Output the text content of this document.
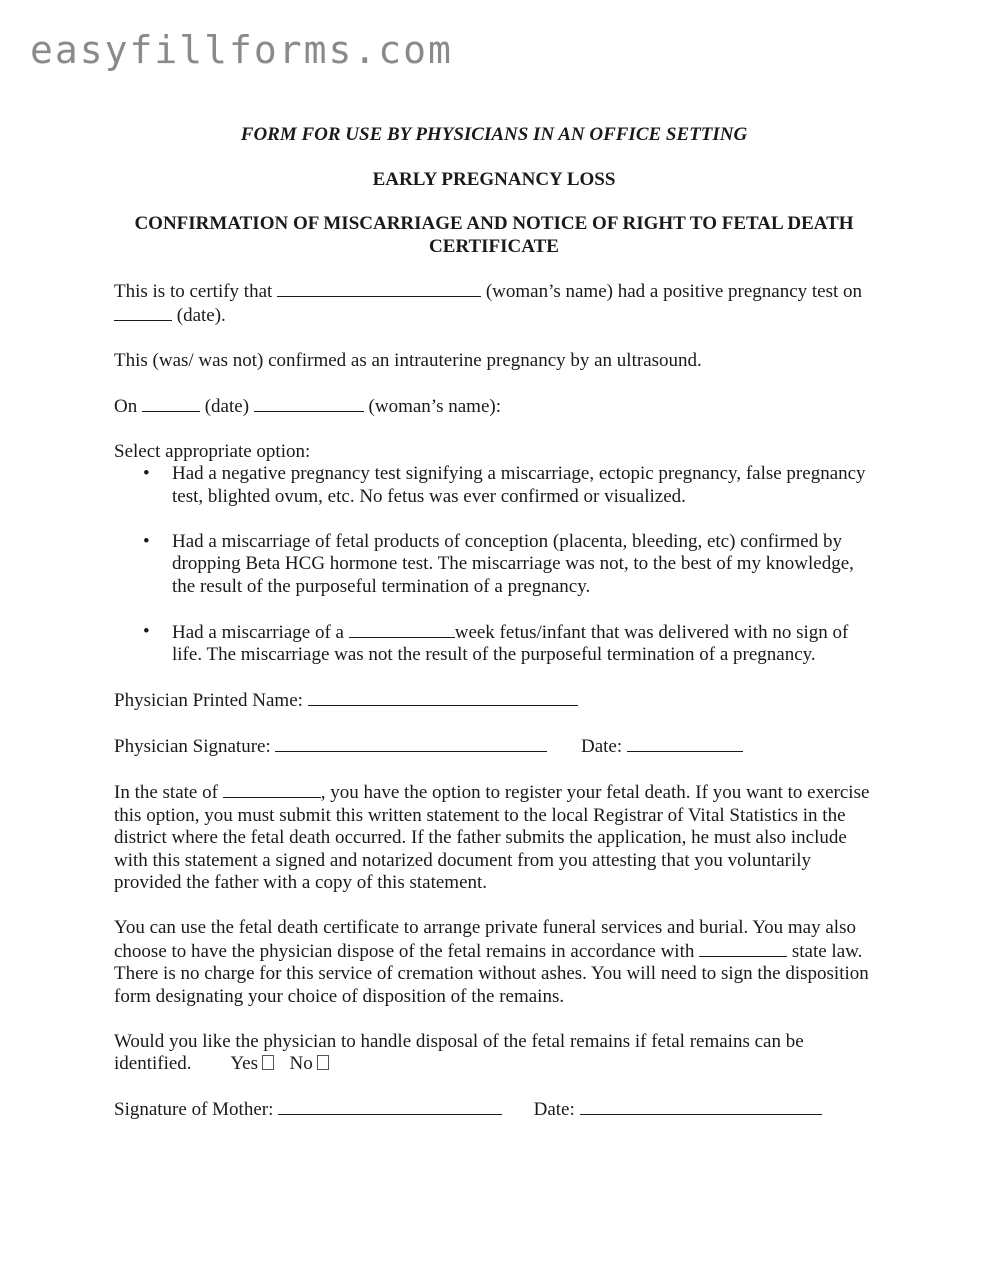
easyfillforms.com
FORM FOR USE BY PHYSICIANS IN AN OFFICE SETTING
EARLY PREGNANCY LOSS
CONFIRMATION OF MISCARRIAGE AND NOTICE OF RIGHT TO FETAL DEATH CERTIFICATE

This is to certify that	(woman’s name) had a positive pregnancy test on  (date).

This (was/ was not) confirmed as an intrauterine pregnancy by an ultrasound.

On	(date)	(woman’s name):

Select appropriate option:
• Had a negative pregnancy test signifying a miscarriage, ectopic pregnancy, false pregnancy test, blighted ovum, etc. No fetus was ever confirmed or visualized.
• Had a miscarriage of fetal products of conception (placenta, bleeding, etc) confirmed by dropping Beta HCG hormone test. The miscarriage was not, to the best of my knowledge, the result of the purposeful termination of a pregnancy.
• Had a miscarriage of a	week fetus/infant that was delivered with no sign of life. The miscarriage was not the result of the purposeful termination of a pregnancy.

Physician Printed Name:

Physician Signature:	Date:

In the state of	, you have the option to register your fetal death. If you want to exercise this option, you must submit this written statement to the local Registrar of Vital Statistics in the district where the fetal death occurred. If the father submits the application, he must also include with this statement a signed and notarized document from you attesting that you voluntarily provided the father with a copy of this statement.

You can use the fetal death certificate to arrange private funeral services and burial. You may also choose to have the physician dispose of the fetal remains in accordance with	state law. There is no charge for this service of cremation without ashes. You will need to sign the disposition form designating your choice of disposition of the remains.

Would you like the physician to handle disposal of the fetal remains if fetal remains can be identified. Yes No

Signature of Mother:	Date:
